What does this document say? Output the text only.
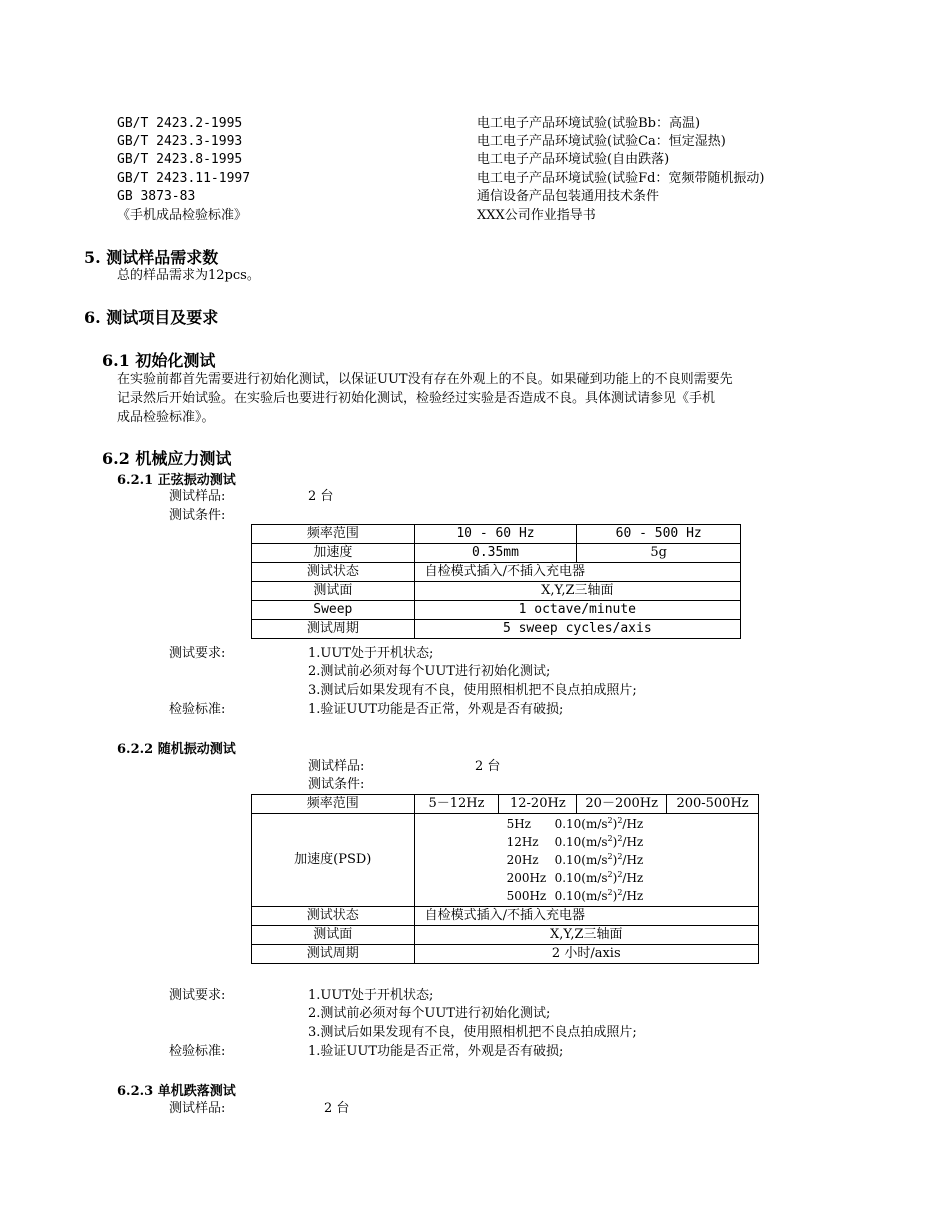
GB/T 2423.2-1995	电工电子产品环境试验(试验Bb：高温)
GB/T 2423.3-1993	电工电子产品环境试验(试验Ca：恒定湿热)
GB/T 2423.8-1995	电工电子产品环境试验(自由跌落)
GB/T 2423.11-1997	电工电子产品环境试验(试验Fd：宽频带随机振动)
GB 3873-83	通信设备产品包装通用技术条件
《手机成品检验标准》	XXX公司作业指导书
5. 测试样品需求数
总的样品需求为12pcs。
6. 测试项目及要求
6.1 初始化测试
在实验前都首先需要进行初始化测试，以保证UUT没有存在外观上的不良。如果碰到功能上的不良则需要先
记录然后开始试验。在实验后也要进行初始化测试，检验经过实验是否造成不良。具体测试请参见《手机
成品检验标准》。
6.2 机械应力测试
6.2.1 正弦振动测试
测试样品:	2 台
测试条件:
频率范围	10 - 60 Hz	60 - 500 Hz
加速度	0.35mm	5g
测试状态	自检模式插入/不插入充电器	
测试面	X,Y,Z三轴面	
Sweep	1 octave/minute	
测试周期	5 sweep cycles/axis	
测试要求:	1.UUT处于开机状态;
2.测试前必须对每个UUT进行初始化测试;
3.测试后如果发现有不良，使用照相机把不良点拍成照片;
检验标准:	1.验证UUT功能是否正常，外观是否有破损;
6.2.2 随机振动测试
测试样品:	2 台
测试条件:
频率范围	5－12Hz	12-20Hz	20－200Hz	200-500Hz
加速度(PSD)	5Hz $0.10(m/s^2)^2/Hz$
12Hz $0.10(m/s^2)^2/Hz$
20Hz $0.10(m/s^2)^2/Hz$
200Hz $0.10(m/s^2)^2/Hz$
500Hz $0.10(m/s^2)^2/Hz$			

测试状态	自检模式插入/不插入充电器			
测试面	X,Y,Z三轴面			
测试周期	2 小时/axis			
测试要求:	1.UUT处于开机状态;
2.测试前必须对每个UUT进行初始化测试;
3.测试后如果发现有不良，使用照相机把不良点拍成照片;
检验标准:	1.验证UUT功能是否正常，外观是否有破损;
6.2.3 单机跌落测试
测试样品:	2 台
